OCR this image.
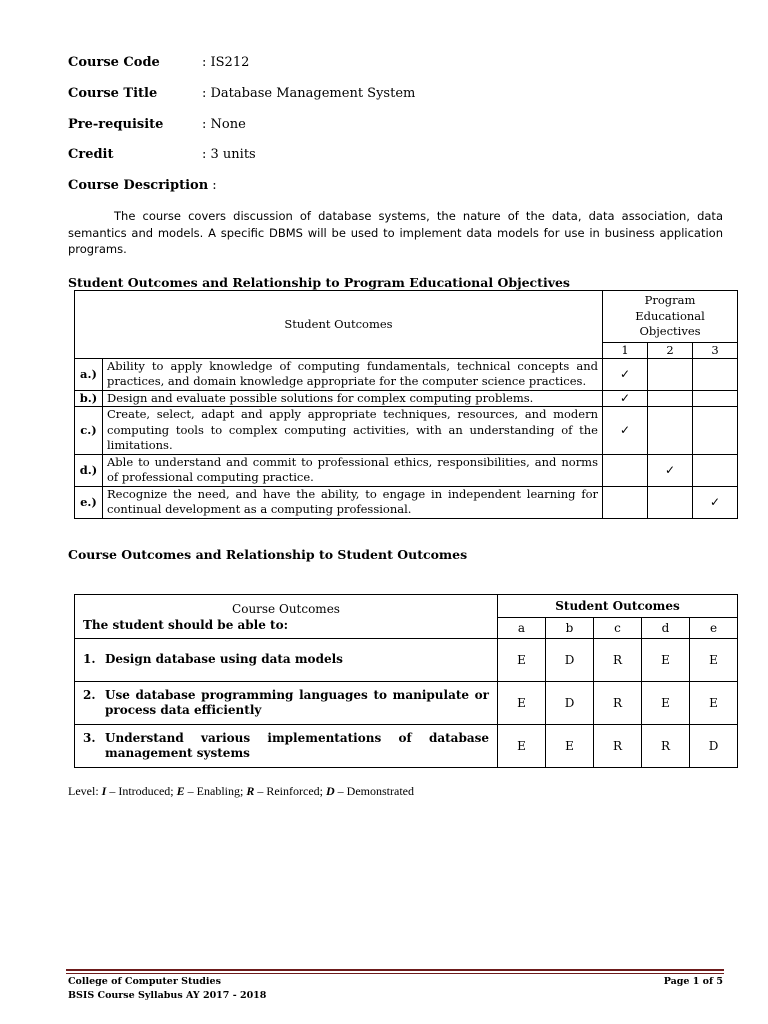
Course Code	: IS212
Course Title	: Database Management System
Pre-requisite	: None
Credit	: 3 units
Course Description :

The course covers discussion of database systems, the nature of the data, data association, data semantics and models. A specific DBMS will be used to implement data models for use in business application programs.

Student Outcomes and Relationship to Program Educational Objectives
Student Outcomes		Program Educational Objectives		

		1	2	3
a.)	Ability to apply knowledge of computing fundamentals, technical concepts and practices, and domain knowledge appropriate for the computer science practices.	✓		
b.)	Design and evaluate possible solutions for complex computing problems.	✓		
c.)	Create, select, adapt and apply appropriate techniques, resources, and modern computing tools to complex computing activities, with an understanding of the limitations.	✓		
d.)	Able to understand and commit to professional ethics, responsibilities, and norms of professional computing practice.		✓	
e.)	Recognize the need, and have the ability, to engage in independent learning for continual development as a computing professional.			✓
Course Outcomes and Relationship to Student Outcomes
Course Outcomes
The student should be able to:	Student Outcomes				
	a	b	c	d	e
1. Design database using data models	E	D	R	E	E

2. Use database programming languages to manipulate or process data efficiently	E	D	R	E	E

3. Understand various implementations of database management systems	E	E	R	R	D
Level: I – Introduced; E – Enabling; R – Reinforced; D – Demonstrated
College of Computer Studies
BSIS Course Syllabus AY 2017 - 2018
Page 1 of 5
